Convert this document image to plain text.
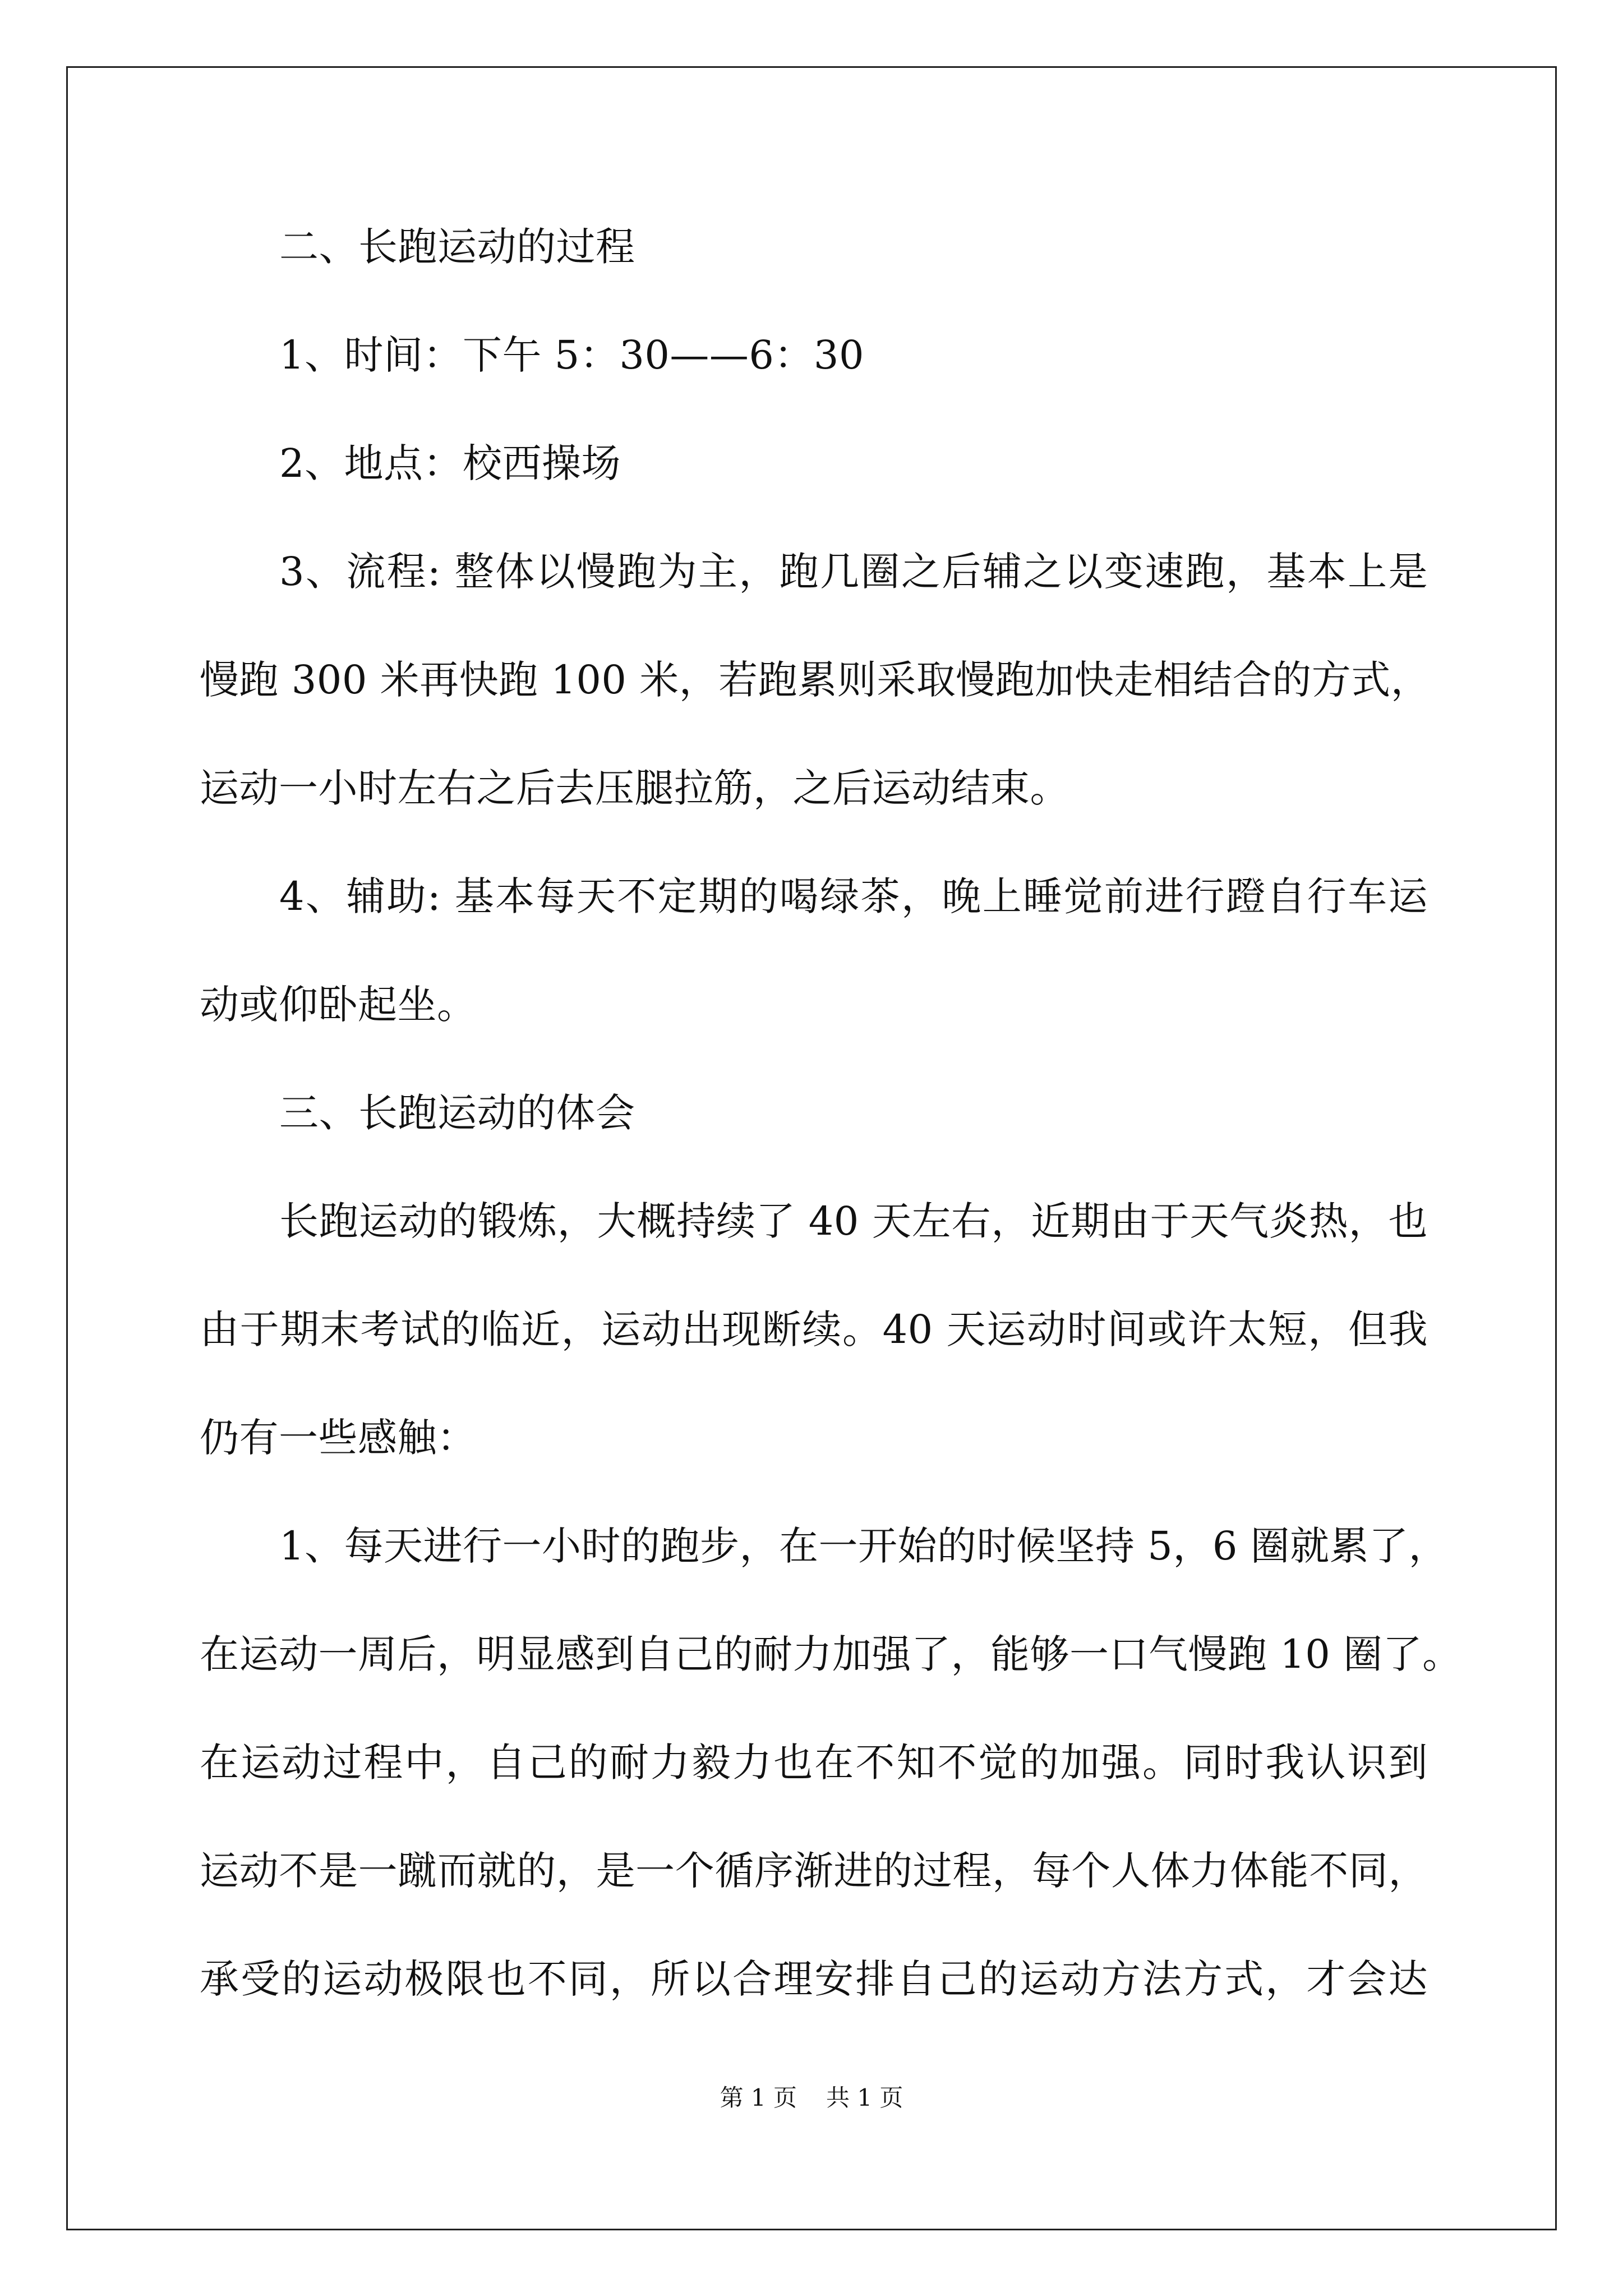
二、长跑运动的过程
1、时间：下午 5：30——6：30
2、地点：校西操场
3、流程: 整体以慢跑为主，跑几圈之后辅之以变速跑，基本上是
慢跑 300 米再快跑 100 米，若跑累则采取慢跑加快走相结合的方式，
运动一小时左右之后去压腿拉筋，之后运动结束。
4、辅助: 基本每天不定期的喝绿茶，晚上睡觉前进行蹬自行车运
动或仰卧起坐。
三、长跑运动的体会
长跑运动的锻炼，大概持续了 40 天左右，近期由于天气炎热，也
由于期末考试的临近，运动出现断续。40 天运动时间或许太短，但我
仍有一些感触：
1、每天进行一小时的跑步，在一开始的时候坚持 5，6 圈就累了，
在运动一周后，明显感到自己的耐力加强了，能够一口气慢跑 10 圈了。
在运动过程中，自己的耐力毅力也在不知不觉的加强。同时我认识到
运动不是一蹴而就的，是一个循序渐进的过程，每个人体力体能不同，
承受的运动极限也不同，所以合理安排自己的运动方法方式，才会达
第 1 页 共 1 页
